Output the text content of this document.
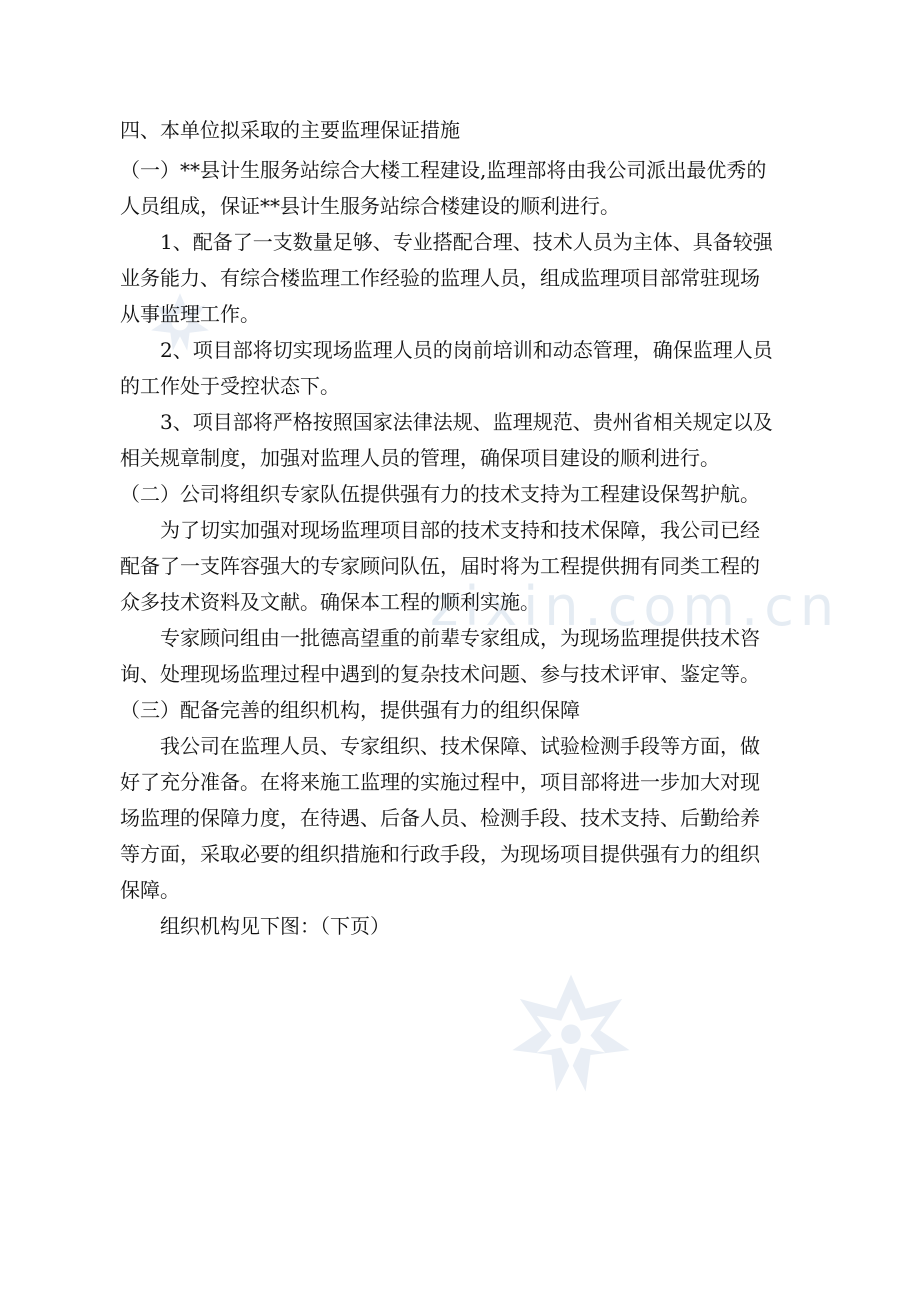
zixin.com.cn
四、本单位拟采取的主要监理保证措施
（一）**县计生服务站综合大楼工程建设,监理部将由我公司派出最优秀的
人员组成，保证**县计生服务站综合楼建设的顺利进行。
1、配备了一支数量足够、专业搭配合理、技术人员为主体、具备较强
业务能力、有综合楼监理工作经验的监理人员，组成监理项目部常驻现场
从事监理工作。
2、项目部将切实现场监理人员的岗前培训和动态管理，确保监理人员
的工作处于受控状态下。
3、项目部将严格按照国家法律法规、监理规范、贵州省相关规定以及
相关规章制度，加强对监理人员的管理，确保项目建设的顺利进行。
（二）公司将组织专家队伍提供强有力的技术支持为工程建设保驾护航。
为了切实加强对现场监理项目部的技术支持和技术保障，我公司已经
配备了一支阵容强大的专家顾问队伍，届时将为工程提供拥有同类工程的
众多技术资料及文献。确保本工程的顺利实施。
专家顾问组由一批德高望重的前辈专家组成，为现场监理提供技术咨
询、处理现场监理过程中遇到的复杂技术问题、参与技术评审、鉴定等。
（三）配备完善的组织机构，提供强有力的组织保障
我公司在监理人员、专家组织、技术保障、试验检测手段等方面，做
好了充分准备。在将来施工监理的实施过程中，项目部将进一步加大对现
场监理的保障力度，在待遇、后备人员、检测手段、技术支持、后勤给养
等方面，采取必要的组织措施和行政手段，为现场项目提供强有力的组织
保障。
组织机构见下图：（下页）
